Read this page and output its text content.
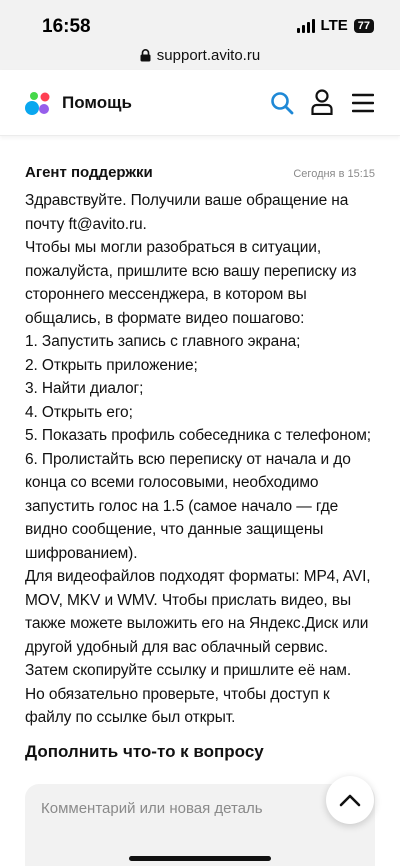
16:58	LTE 77
support.avito.ru
Помощь
Агент поддержки	Сегодня в 15:15

Здравствуйте. Получили ваше обращение на

почту ft@avito.ru.

Чтобы мы могли разобраться в ситуации,

пожалуйста, пришлите всю вашу переписку из

стороннего мессенджера, в котором вы

общались, в формате видео пошагово:

1. Запустить запись с главного экрана;

2. Открыть приложение;

3. Найти диалог;

4. Открыть его;

5. Показать профиль собеседника с телефоном;

6. Пролистайть всю переписку от начала и до

конца со всеми голосовыми, необходимо

запустить голос на 1.5 (самое начало — где

видно сообщение, что данные защищены

шифрованием).

Для видеофайлов подходят форматы: MP4, AVI,

MOV, MKV и WMV. Чтобы прислать видео, вы

также можете выложить его на Яндекс.Диск или

другой удобный для вас облачный сервис.

Затем скопируйте ссылку и пришлите её нам.

Но обязательно проверьте, чтобы доступ к

файлу по ссылке был открыт.

Дополнить что-то к вопросу
Комментарий или новая деталь
